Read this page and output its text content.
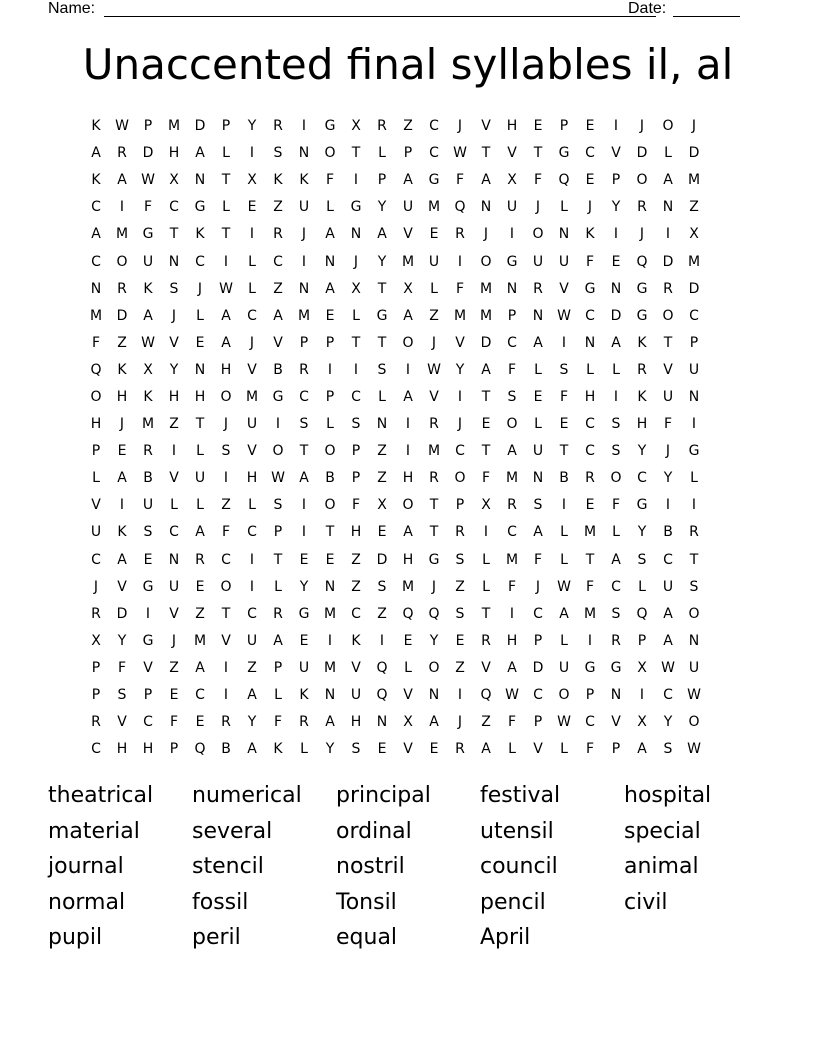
Name:	Date:
Unaccented final syllables il, al
K	W	P	M	D	P	Y	R	I	G	X	R	Z	C	J	V	H	E	P	E	I	J	O	J
A	R	D	H	A	L	I	S	N	O	T	L	P	C	W	T	V	T	G	C	V	D	L	D
K	A	W	X	N	T	X	K	K	F	I	P	A	G	F	A	X	F	Q	E	P	O	A	M
C	I	F	C	G	L	E	Z	U	L	G	Y	U	M	Q	N	U	J	L	J	Y	R	N	Z
A	M	G	T	K	T	I	R	J	A	N	A	V	E	R	J	I	O	N	K	I	J	I	X
C	O	U	N	C	I	L	C	I	N	J	Y	M	U	I	O	G	U	U	F	E	Q	D	M
N	R	K	S	J	W	L	Z	N	A	X	T	X	L	F	M	N	R	V	G	N	G	R	D
M	D	A	J	L	A	C	A	M	E	L	G	A	Z	M M	P	N W	C	D	G	O	C
F	Z	W	V	E	A	J	V	P	P	T	T	O	J	V	D	C	A	I	N	A	K	T	P
Q	K	X	Y	N	H	V	B	R	I	I	S	I	W	Y	A	F	L	S	L	L	R	V	U
O	H	K	H	H	O	M	G	C	P	C	L	A	V	I	T	S	E	F	H	I	K	U	N
H	J	M	Z	T	J	U	I	S	L	S	N	I	R	J	E	O	L	E	C	S	H	F	I
P	E	R	I	L	S	V	O	T	O	P	Z	I	M	C	T	A	U	T	C	S	Y	J	G
L	A	B	V	U	I	H W	A	B	P	Z	H	R	O	F	M	N	B	R	O	C	Y	L
V	I	U	L	L	Z	L	S	I	O	F	X	O	T	P	X	R	S	I	E	F	G	I	I
U	K	S	C	A	F	C	P	I	T	H	E	A	T	R	I	C	A	L	M	L	Y	B	R
C	A	E	N	R	C	I	T	E	E	Z	D	H	G	S	L	M	F	L	T	A	S	C	T
J	V	G	U	E	O	I	L	Y	N	Z	S	M	J	Z	L	F	J	W	F	C	L	U	S
R	D	I	V	Z	T	C	R	G	M	C	Z	Q	Q	S	T	I	C	A	M	S	Q	A	O
X	Y	G	J	M	V	U	A	E	I	K	I	E	Y	E	R	H	P	L	I	R	P	A	N
P	F	V	Z	A	I	Z	P	U	M	V	Q	L	O	Z	V	A	D	U	G	G	X	W U
P	S	P	E	C	I	A	L	K	N	U	Q	V	N	I	Q W	C	O	P	N	I	C	W
R	V	C	F	E	R	Y	F	R	A	H	N	X	A	J	Z	F	P	W	C	V	X	Y	O
C	H	H	P	Q	B	A	K	L	Y	S	E	V	E	R	A	L	V	L	F	P	A	S	W
theatrical	numerical	principal	festival	hospital
material	several	ordinal	utensil	special
journal	stencil	nostril	council	animal
normal	fossil	Tonsil	pencil	civil
pupil	peril	equal	April
